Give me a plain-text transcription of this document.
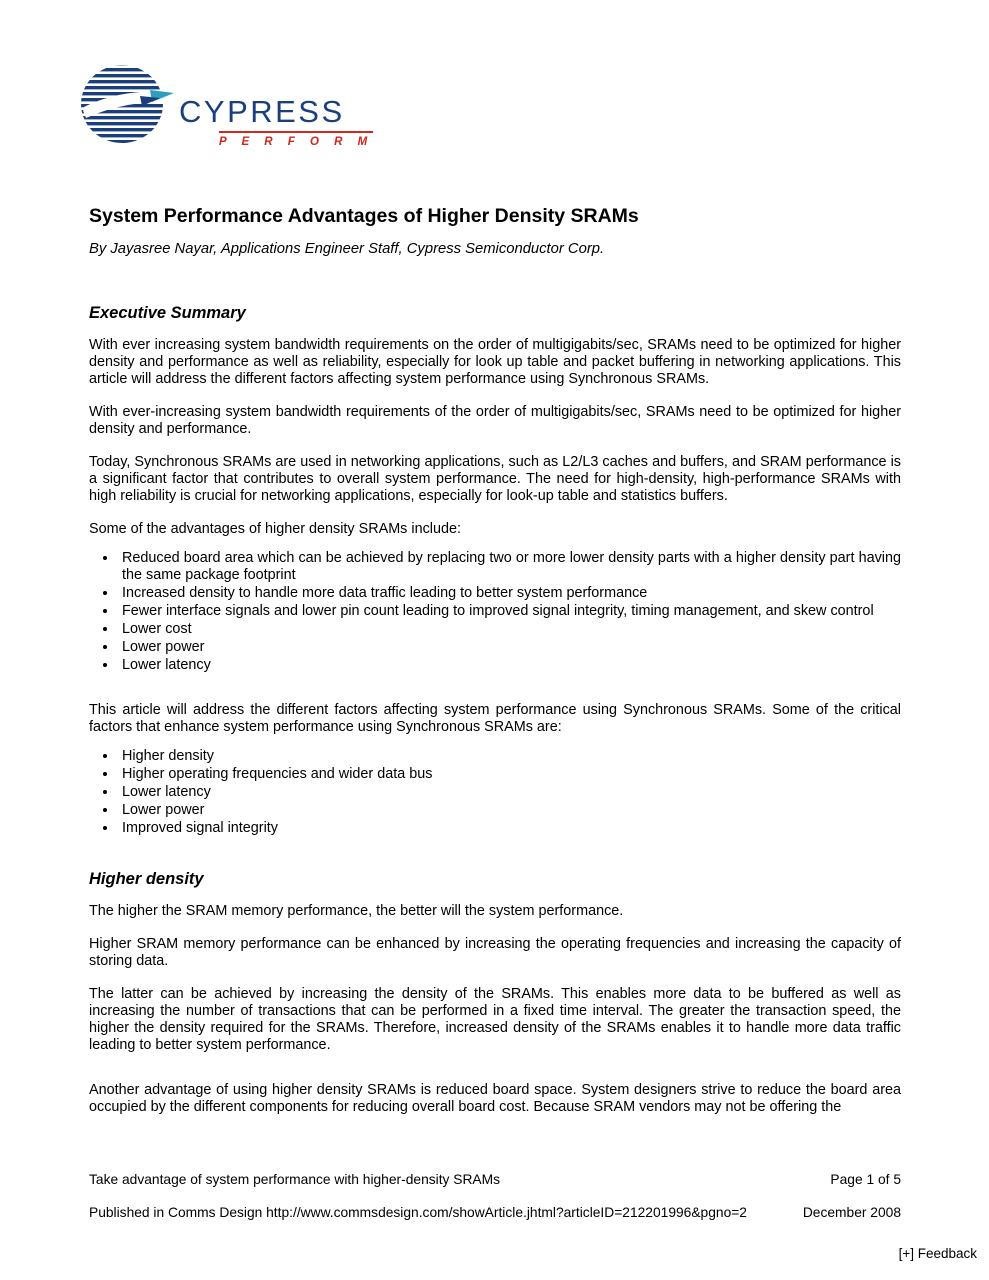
CYPRESS
P E R F O R M
System Performance Advantages of Higher Density SRAMs

By Jayasree Nayar, Applications Engineer Staff, Cypress Semiconductor Corp.

Executive Summary

With ever increasing system bandwidth requirements on the order of multigigabits/sec, SRAMs need to be optimized for higher density and performance as well as reliability, especially for look up table and packet buffering in networking applications. This article will address the different factors affecting system performance using Synchronous SRAMs.

With ever-increasing system bandwidth requirements of the order of multigigabits/sec, SRAMs need to be optimized for higher density and performance.

Today, Synchronous SRAMs are used in networking applications, such as L2/L3 caches and buffers, and SRAM performance is a significant factor that contributes to overall system performance. The need for high-density, high-performance SRAMs with high reliability is crucial for networking applications, especially for look-up table and statistics buffers.

Some of the advantages of higher density SRAMs include:

• Reduced board area which can be achieved by replacing two or more lower density parts with a higher density part having the same package footprint
• Increased density to handle more data traffic leading to better system performance
• Fewer interface signals and lower pin count leading to improved signal integrity, timing management, and skew control
• Lower cost
• Lower power
• Lower latency

This article will address the different factors affecting system performance using Synchronous SRAMs. Some of the critical factors that enhance system performance using Synchronous SRAMs are:

• Higher density
• Higher operating frequencies and wider data bus
• Lower latency
• Lower power
• Improved signal integrity
Higher density

The higher the SRAM memory performance, the better will the system performance.

Higher SRAM memory performance can be enhanced by increasing the operating frequencies and increasing the capacity of storing data.

The latter can be achieved by increasing the density of the SRAMs. This enables more data to be buffered as well as increasing the number of transactions that can be performed in a fixed time interval. The greater the transaction speed, the higher the density required for the SRAMs. Therefore, increased density of the SRAMs enables it to handle more data traffic leading to better system performance.

Another advantage of using higher density SRAMs is reduced board space. System designers strive to reduce the board area occupied by the different components for reducing overall board cost. Because SRAM vendors may not be offering the

Take advantage of system performance with higher-density SRAMs	Page 1 of 5
Published in Comms Design http://www.commsdesign.com/showArticle.jhtml?articleID=212201996&pgno=2	December 2008
[+] Feedback
